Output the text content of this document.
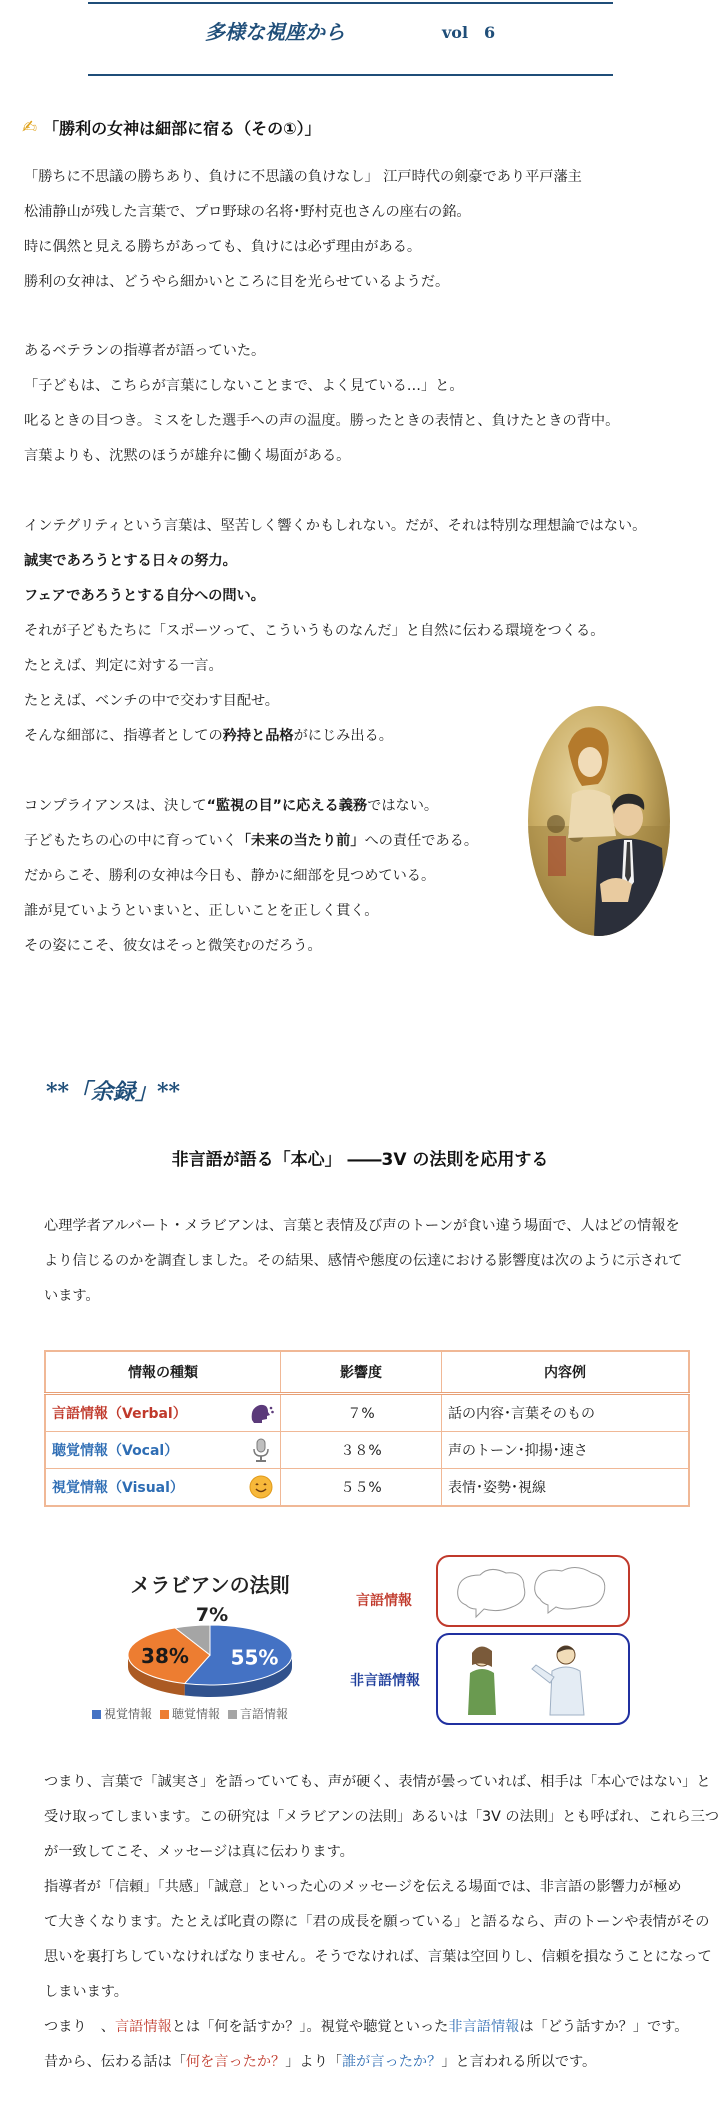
多様な視座から	vol　6
✍ 「勝利の女神は細部に宿る（その①）」
「勝ちに不思議の勝ちあり、負けに不思議の負けなし」 江戸時代の剣豪であり平戸藩主
松浦静山が残した言葉で、プロ野球の名将･野村克也さんの座右の銘。
時に偶然と見える勝ちがあっても、負けには必ず理由がある。
勝利の女神は、どうやら細かいところに目を光らせているようだ。
あるベテランの指導者が語っていた。
「子どもは、こちらが言葉にしないことまで、よく見ている…」と。
叱るときの目つき。ミスをした選手への声の温度。勝ったときの表情と、負けたときの背中。
言葉よりも、沈黙のほうが雄弁に働く場面がある。
インテグリティという言葉は、堅苦しく響くかもしれない。だが、それは特別な理想論ではない。
誠実であろうとする日々の努力。
フェアであろうとする自分への問い。
それが子どもたちに「スポーツって、こういうものなんだ」と自然に伝わる環境をつくる。
たとえば、判定に対する一言。
たとえば、ベンチの中で交わす目配せ。
そんな細部に、指導者としての矜持と品格がにじみ出る。
コンプライアンスは、決して“監視の目”に応える義務ではない。
子どもたちの心の中に育っていく「未来の当たり前」への責任である。
だからこそ、勝利の女神は今日も、静かに細部を見つめている。
誰が見ていようといまいと、正しいことを正しく貫く。
その姿にこそ、彼女はそっと微笑むのだろう。
**「余録」**
非言語が語る「本心」 ――3V の法則を応用する
心理学者アルバート・メラビアンは、言葉と表情及び声のトーンが食い違う場面で、人はどの情報を
より信じるのかを調査しました。その結果、感情や態度の伝達における影響度は次のように示されて
います。
情報の種類	影響度	内容例

言語情報（Verbal）	７%	話の内容･言葉そのもの

聴覚情報（Vocal）	３８%	声のトーン･抑揚･速さ

視覚情報（Visual）	５５%	表情･姿勢･視線
メラビアンの法則
55%
38%
7%
視覚情報	聴覚情報	言語情報
言語情報
非言語情報
つまり、言葉で「誠実さ」を語っていても、声が硬く、表情が曇っていれば、相手は「本心ではない」と
受け取ってしまいます。この研究は「メラビアンの法則」あるいは「3V の法則」とも呼ばれ、これら三つ
が一致してこそ、メッセージは真に伝わります。
指導者が「信頼」「共感」「誠意」といった心のメッセージを伝える場面では、非言語の影響力が極め
て大きくなります。たとえば叱責の際に「君の成長を願っている」と語るなら、声のトーンや表情がその
思いを裏打ちしていなければなりません。そうでなければ、言葉は空回りし、信頼を損なうことになって
しまいます。
つまり　、言語情報とは「何を話すか？」。視覚や聴覚といった非言語情報は「どう話すか？」です。
昔から、伝わる話は「何を言ったか？」より「誰が言ったか？」と言われる所以です。
